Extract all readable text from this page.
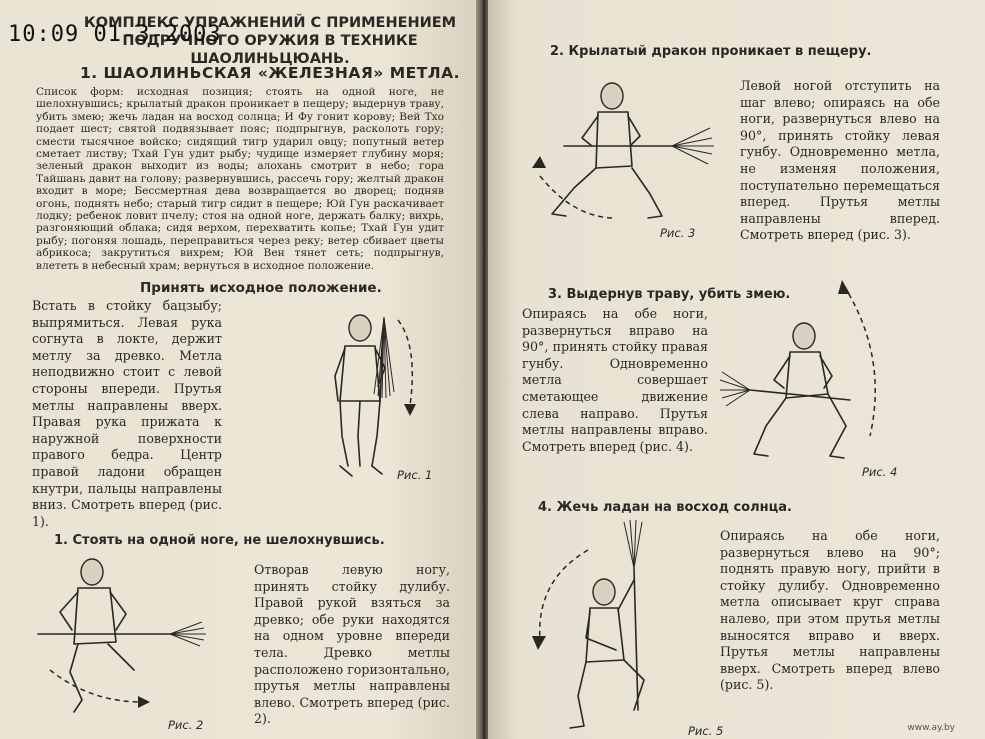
КОМПЛЕКС УПРАЖНЕНИЙ С ПРИМЕНЕНИЕМ
ПОДРУЧНОГО ОРУЖИЯ В ТЕХНИКЕ ШАОЛИНЬЦЮАНЬ.
1. ШАОЛИНЬСКАЯ «ЖЕЛЕЗНАЯ» МЕТЛА.
Список форм: исходная позиция; стоять на одной ноге, не шелохнувшись; крылатый дракон проникает в пещеру; выдернув траву, убить змею; жечь ладан на восход солнца; И Фу гонит корову; Вей Тхо подает шест; святой подвязывает пояс; подпрыгнув, расколоть гору; смести тысячное войско; сидящий тигр ударил овцу; попутный ветер сметает листву; Тхай Гун удит рыбу; чудище измеряет глубину моря; зеленый дракон выходит из воды; алохань смотрит в небо; гора Тайшань давит на голову; развернувшись, рассечь гору; желтый дракон входит в море; Бессмертная дева возвращается во дворец; подняв огонь, поднять небо; старый тигр сидит в пещере; Юй Гун раскачивает лодку; ребенок ловит пчелу; стоя на одной ноге, держать балку; вихрь, разгоняющий облака; сидя верхом, перехватить копье; Тхай Гун удит рыбу; погоняя лошадь, переправиться через реку; ветер сбивает цветы абрикоса; закрутиться вихрем; Юй Вен тянет сеть; подпрыгнув, влететь в небесный храм; вернуться в исходное положение.
Принять исходное положение.
Встать в стойку бацзыбу; выпрямиться. Левая рука согнута в локте, держит метлу за древко. Метла неподвижно стоит с левой стороны впереди. Прутья метлы направлены вверх. Правая рука прижата к наружной поверхности правого бедра. Центр правой ладони обращен кнутри, пальцы направлены вниз. Смотреть вперед (рис. 1).
Рис. 1
1. Стоять на одной ноге, не шелохнувшись.
Отворав левую ногу, принять стойку дулибу. Правой рукой взяться за древко; обе руки находятся на одном уровне впереди тела. Древко метлы расположено горизонтально, прутья метлы направлены влево. Смотреть вперед (рис. 2).
Рис. 2
2. Крылатый дракон проникает в пещеру.
Левой ногой отступить на шаг влево; опираясь на обе ноги, развернуться влево на 90°, принять стойку левая гунбу. Одновременно метла, не изменяя положения, поступательно перемещаться вперед. Прутья метлы направлены вперед. Смотреть вперед (рис. 3).
Рис. 3
3. Выдернув траву, убить змею.
Опираясь на обе ноги, развернуться вправо на 90°, принять стойку правая гунбу. Одновременно метла совершает сметающее движение слева направо. Прутья метлы направлены вправо. Смотреть вперед (рис. 4).
Рис. 4
4. Жечь ладан на восход солнца.
Опираясь на обе ноги, развернуться влево на 90°; поднять правую ногу, прийти в стойку дулибу. Одновременно метла описывает круг справа налево, при этом прутья метлы выносятся вправо и вверх. Прутья метлы направлены вверх. Смотреть вперед влево (рис. 5).
Рис. 5	www.ay.by
10:09 01-3-2003
